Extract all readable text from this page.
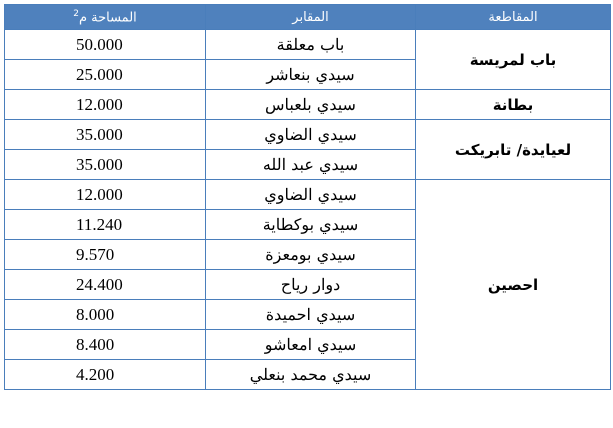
$^2$المساحة م	المقابر	المقاطعة
50.000	باب معلقة	باب لمريسة
25.000	سيدي بنعاشر	
12.000	سيدي بلعباس	بطانة
35.000	سيدي الضاوي	لعيايدة/ تابريكت
35.000	سيدي عبد الله	
12.000	سيدي الضاوي	احصين
11.240	سيدي بوكطاية	
9.570	سيدي بومعزة	
24.400	دوار رياح	
8.000	سيدي احميدة	
8.400	سيدي امعاشو	
4.200	سيدي محمد بنعلي	
